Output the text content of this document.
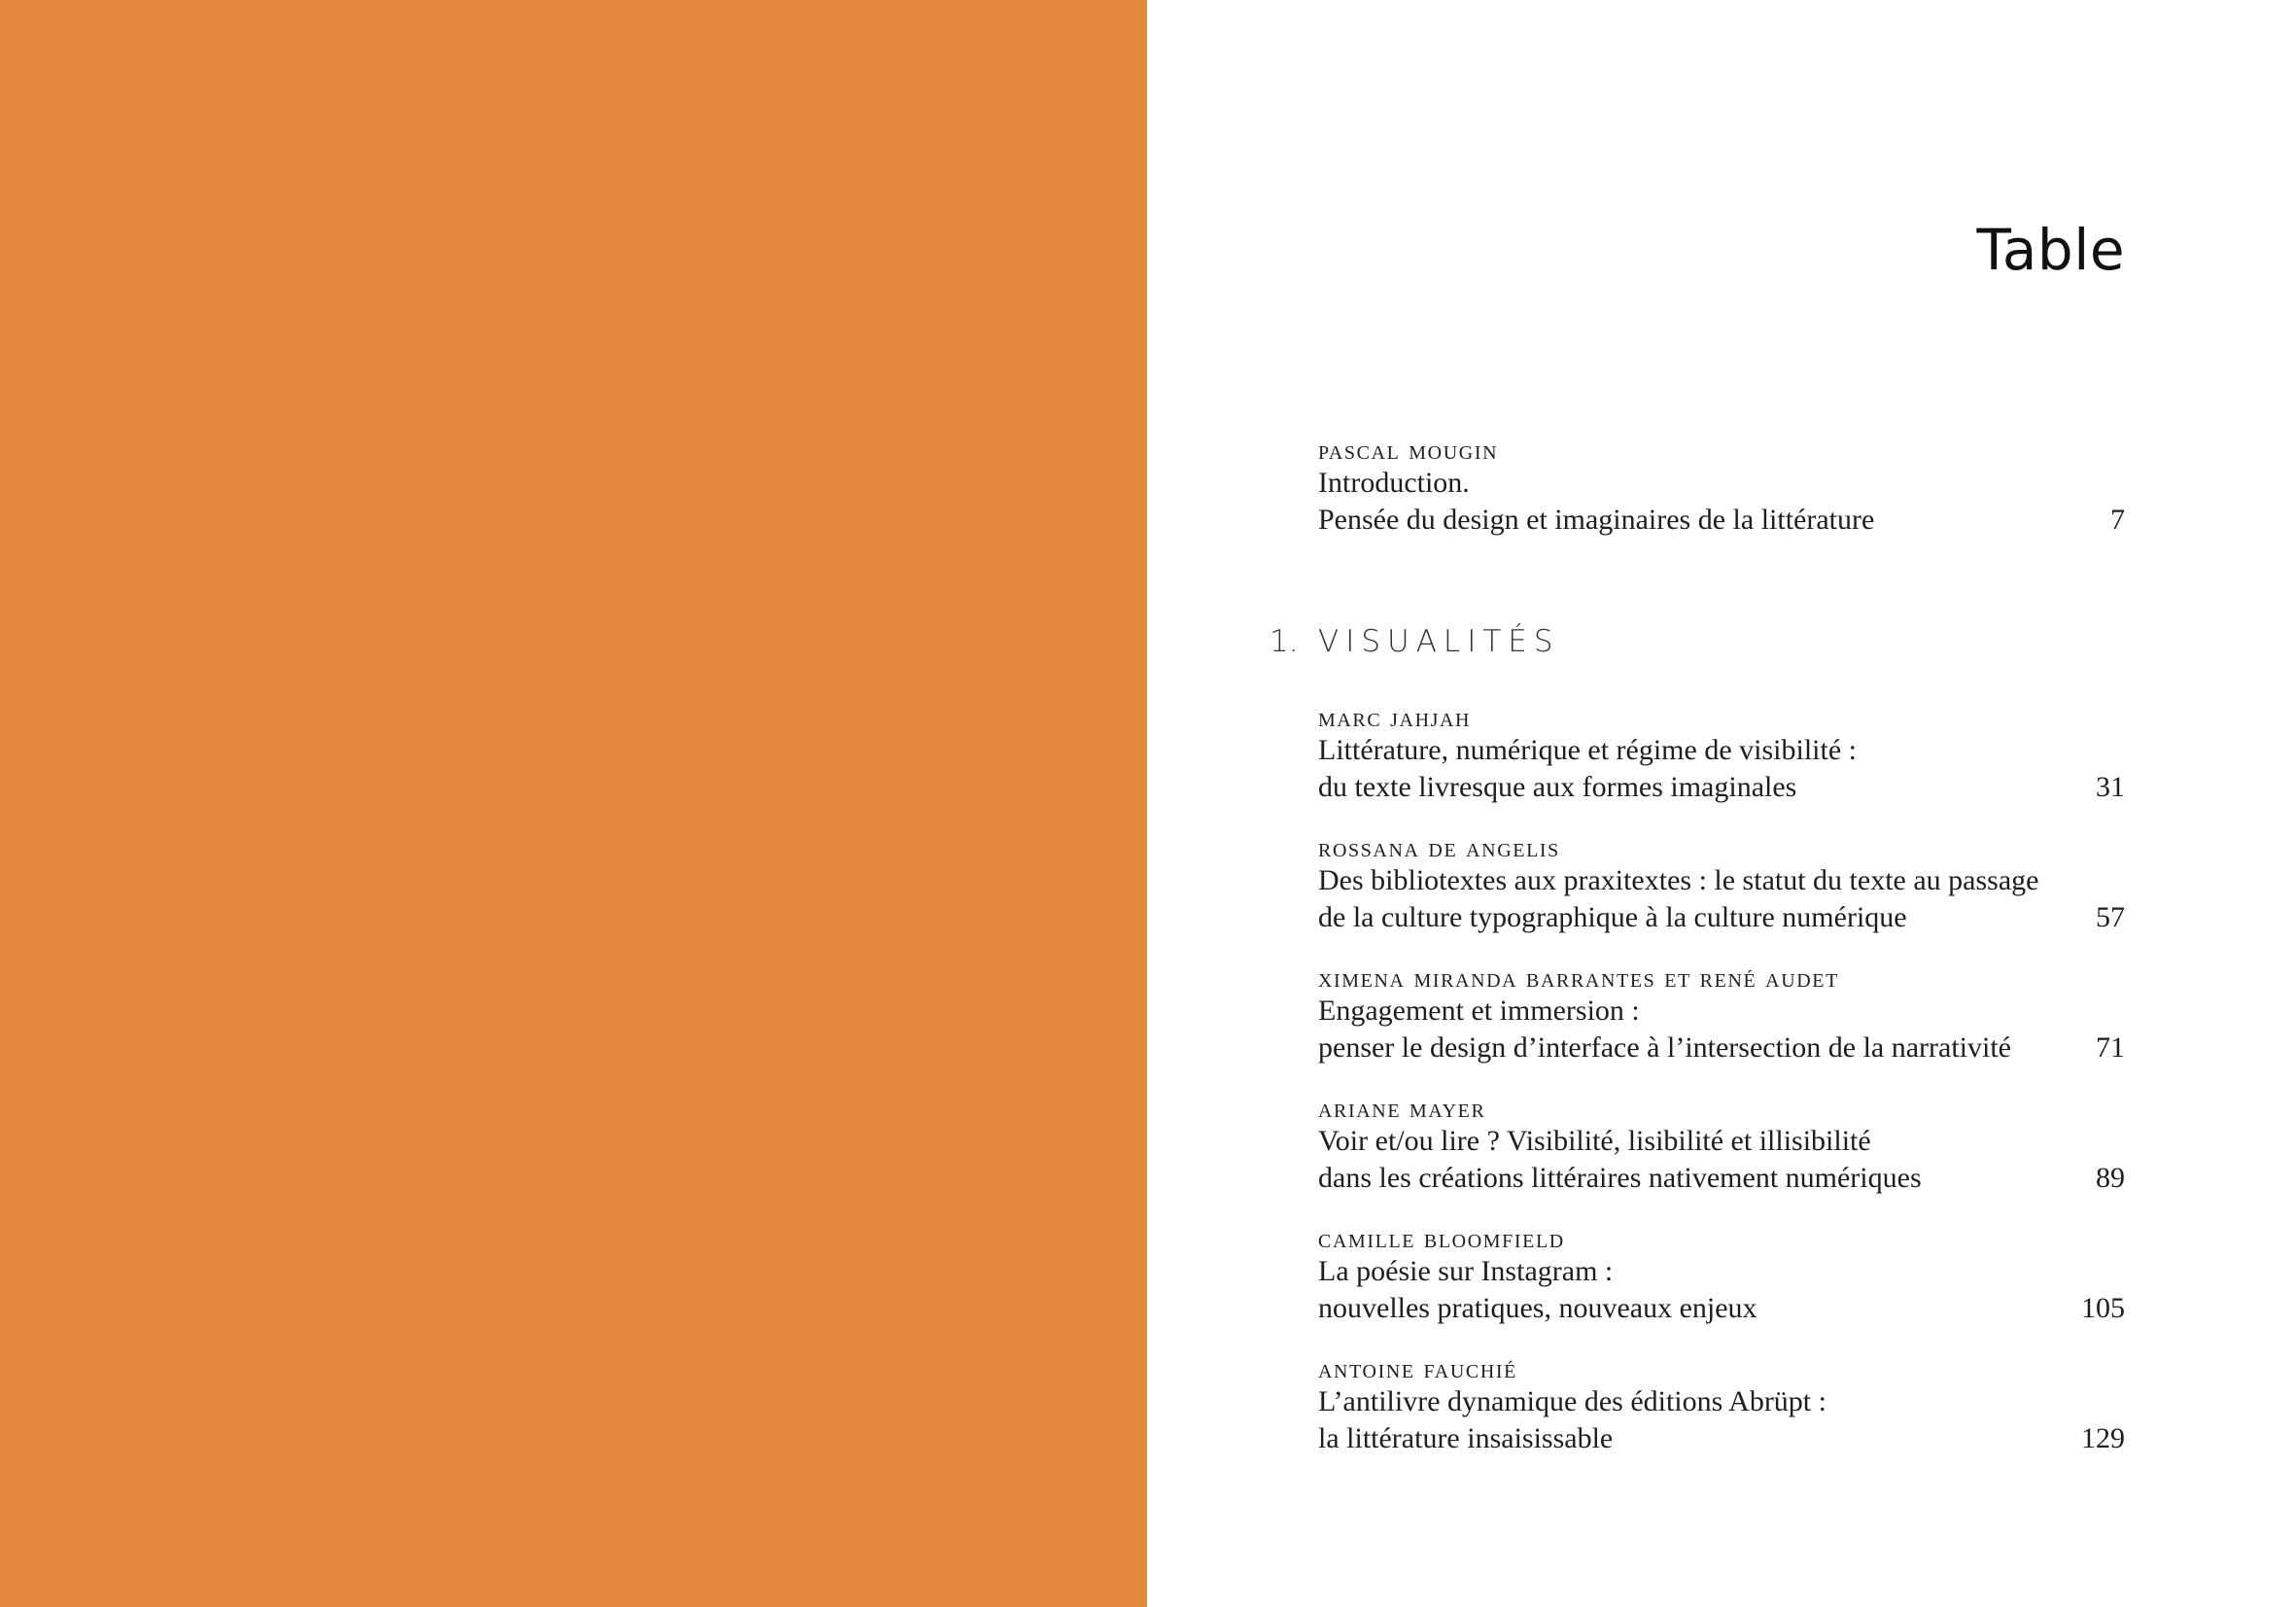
Table
pascal mougin
Introduction.
Pensée du design et imaginaires de la littérature	7
1. VISUALITÉS
marc jahjah
Littérature, numérique et régime de visibilité :
du texte livresque aux formes imaginales	31
rossana de angelis
Des bibliotextes aux praxitextes : le statut du texte au passage
de la culture typographique à la culture numérique	57
ximena miranda barrantes et rené audet
Engagement et immersion :
penser le design d’interface à l’intersection de la narrativité	71
ariane mayer
Voir et/ou lire ? Visibilité, lisibilité et illisibilité
dans les créations littéraires nativement numériques	89
camille bloomfield
La poésie sur Instagram :
nouvelles pratiques, nouveaux enjeux	105
antoine fauchié
L’antilivre dynamique des éditions Abrüpt :
la littérature insaisissable	129
